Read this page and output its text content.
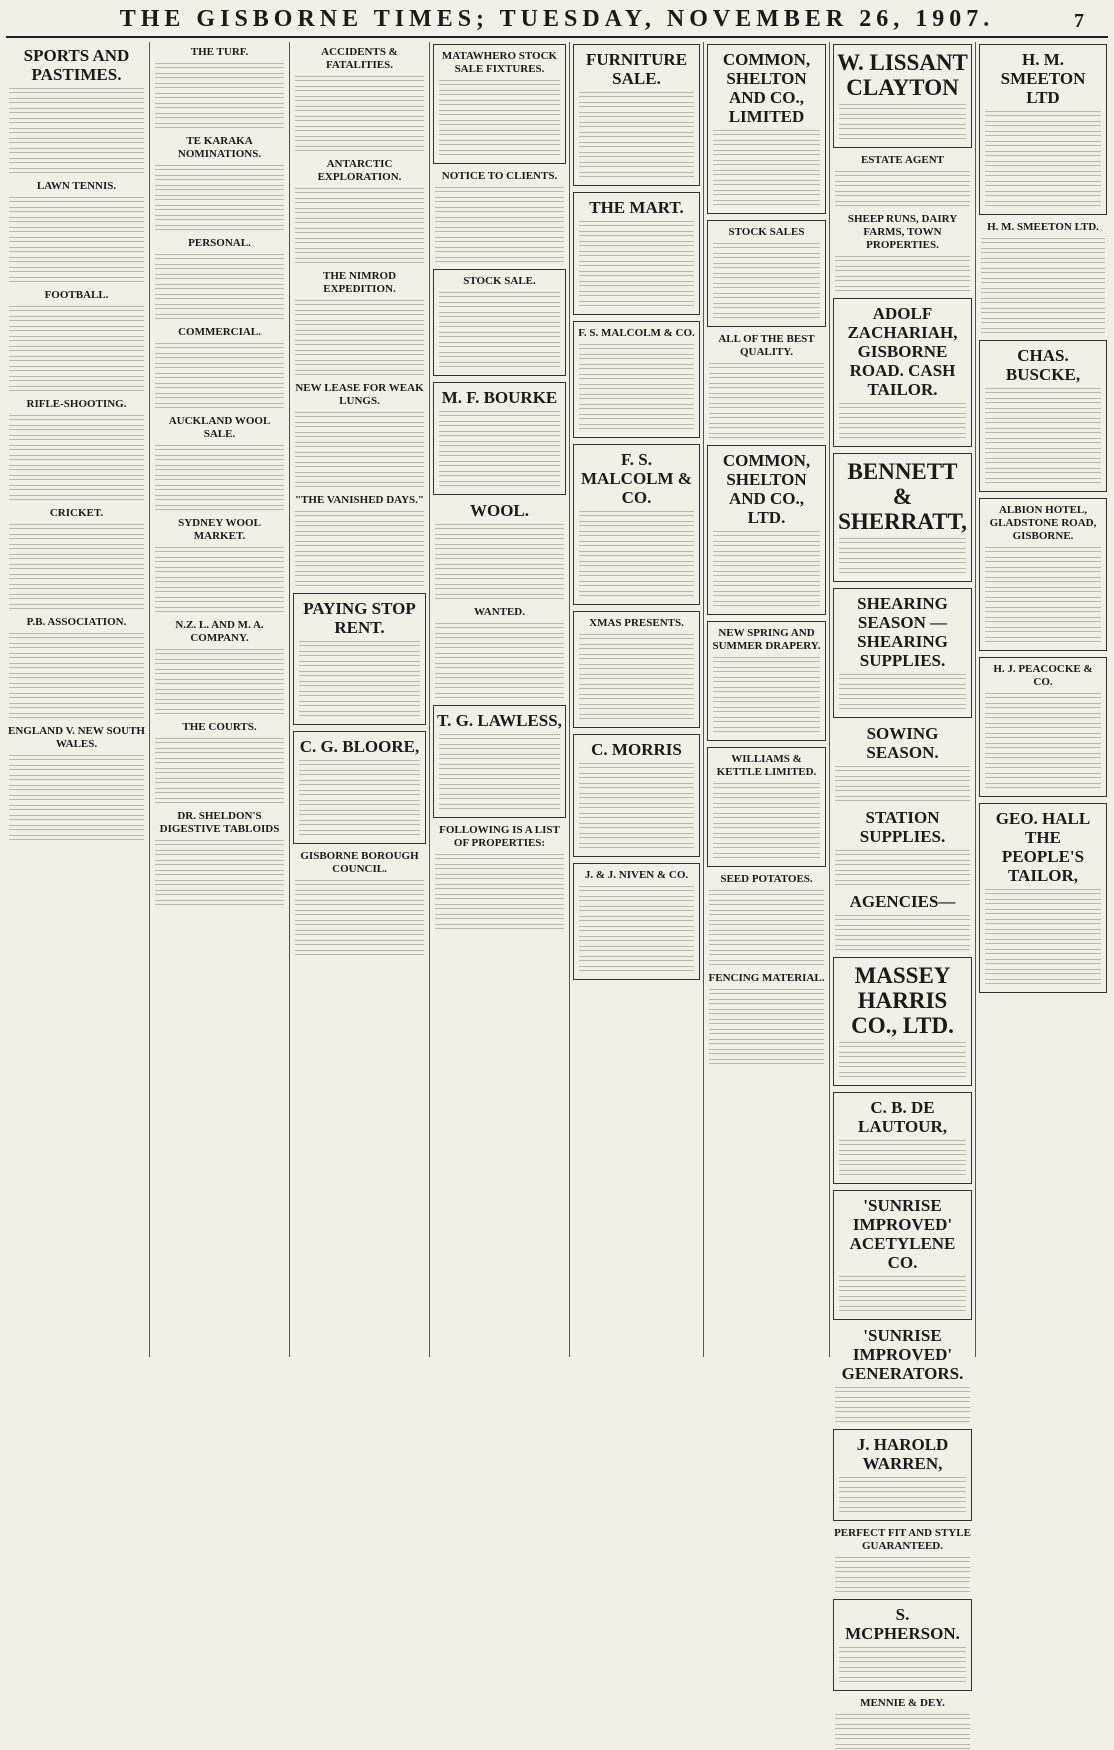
THE GISBORNE TIMES; TUESDAY, NOVEMBER 26, 1907.	7
SPORTS AND PASTIMES.
LAWN TENNIS.
FOOTBALL.
RIFLE-SHOOTING.
CRICKET.
P.B. ASSOCIATION.
ENGLAND V. NEW SOUTH WALES.
THE TURF.
TE KARAKA NOMINATIONS.
PERSONAL.
COMMERCIAL.
AUCKLAND WOOL SALE.
SYDNEY WOOL MARKET.
N.Z. L. AND M. A. COMPANY.
THE COURTS.
DR. SHELDON'S DIGESTIVE TABLOIDS
ACCIDENTS & FATALITIES.
ANTARCTIC EXPLORATION.
THE NIMROD EXPEDITION.
NEW LEASE FOR WEAK LUNGS.
"THE VANISHED DAYS."
PAYING STOP RENT.
C. G. BLOORE,
GISBORNE BOROUGH COUNCIL.
MATAWHERO STOCK SALE FIXTURES.
NOTICE TO CLIENTS.
STOCK SALE.
M. F. BOURKE
WOOL.
WANTED.
T. G. LAWLESS,
FOLLOWING IS A LIST OF PROPERTIES:
FURNITURE SALE.
THE MART.
F. S. MALCOLM & CO.
F. S. MALCOLM & CO.
XMAS PRESENTS.
C. MORRIS
J. & J. NIVEN & CO.
COMMON, SHELTON AND CO., LIMITED
STOCK SALES
ALL OF THE BEST QUALITY.
COMMON, SHELTON AND CO., LTD.
NEW SPRING AND SUMMER DRAPERY.
WILLIAMS & KETTLE LIMITED.
SEED POTATOES.
FENCING MATERIAL.
W. LISSANT CLAYTON
ESTATE AGENT
SHEEP RUNS, DAIRY FARMS, TOWN PROPERTIES.
ADOLF ZACHARIAH, GISBORNE ROAD. CASH TAILOR.
BENNETT & SHERRATT,
SHEARING SEASON — SHEARING SUPPLIES.
SOWING SEASON.
STATION SUPPLIES.
AGENCIES—
MASSEY HARRIS CO., LTD.
C. B. DE LAUTOUR,
'SUNRISE IMPROVED' ACETYLENE CO.
'SUNRISE IMPROVED' GENERATORS.
J. HAROLD WARREN,
PERFECT FIT AND STYLE GUARANTEED.
S. MCPHERSON.
MENNIE & DEY.
H. M. SMEETON LTD
H. M. SMEETON LTD.
CHAS. BUSCKE,
ALBION HOTEL, GLADSTONE ROAD, GISBORNE.
H. J. PEACOCKE & CO.
GEO. HALL THE PEOPLE'S TAILOR,
